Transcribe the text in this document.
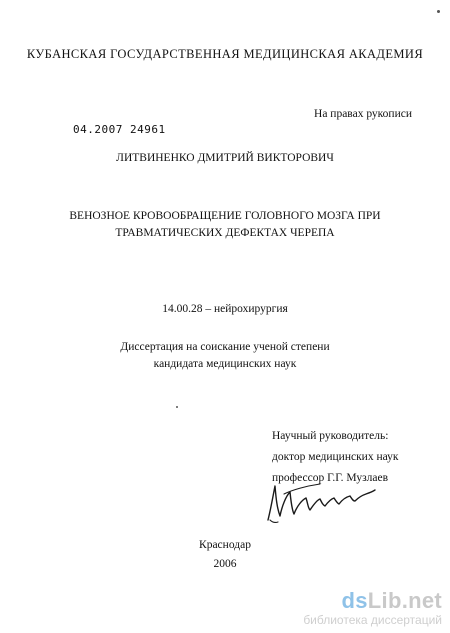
КУБАНСКАЯ ГОСУДАРСТВЕННАЯ МЕДИЦИНСКАЯ АКАДЕМИЯ
На правах рукописи
04.2007 24961
ЛИТВИНЕНКО ДМИТРИЙ ВИКТОРОВИЧ
ВЕНОЗНОЕ КРОВООБРАЩЕНИЕ ГОЛОВНОГО МОЗГА ПРИ
ТРАВМАТИЧЕСКИХ ДЕФЕКТАХ ЧЕРЕПА
14.00.28 – нейрохирургия
Диссертация на соискание ученой степени
кандидата медицинских наук
Научный руководитель:
доктор медицинских наук
профессор Г.Г. Музлаев
Краснодар
2006
dsLib.net
библиотека диссертаций
